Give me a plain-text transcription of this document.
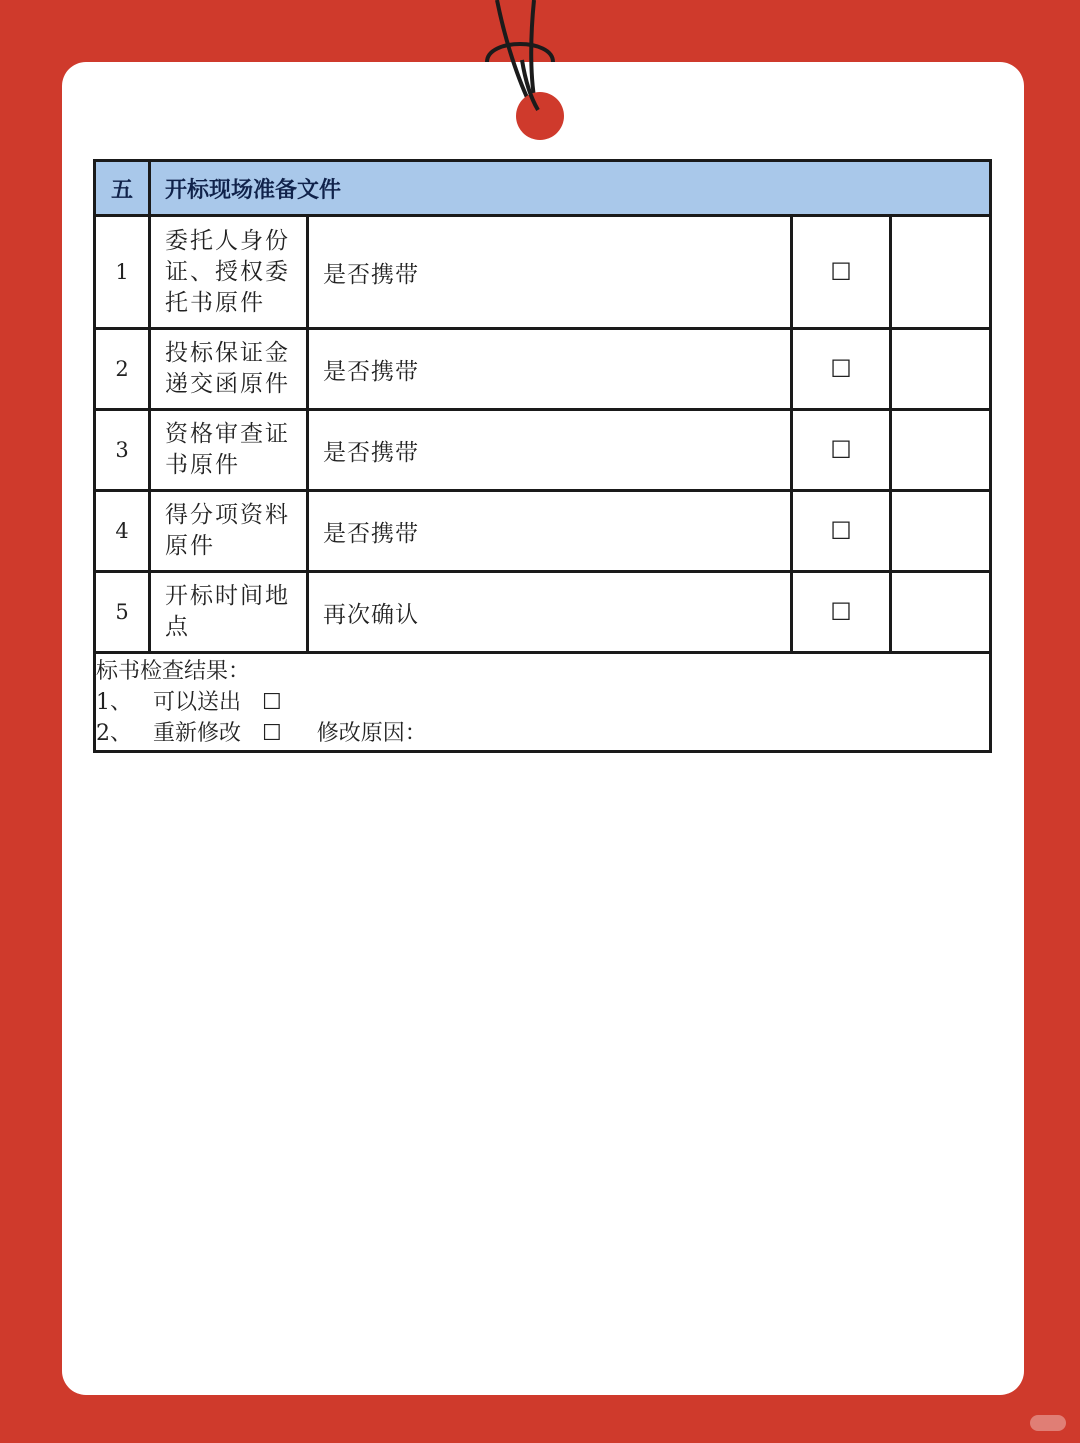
五	开标现场准备文件			
1	委托人身份证、授权委托书原件	是否携带	☐	
2	投标保证金递交函原件	是否携带	☐	
3	资格审查证书原件	是否携带	☐	
4	得分项资料原件	是否携带	☐	
5	开标时间地点	再次确认	☐	

标书检查结果：
1、 可以送出 ☐
2、 重新修改 ☐ 修改原因：				
